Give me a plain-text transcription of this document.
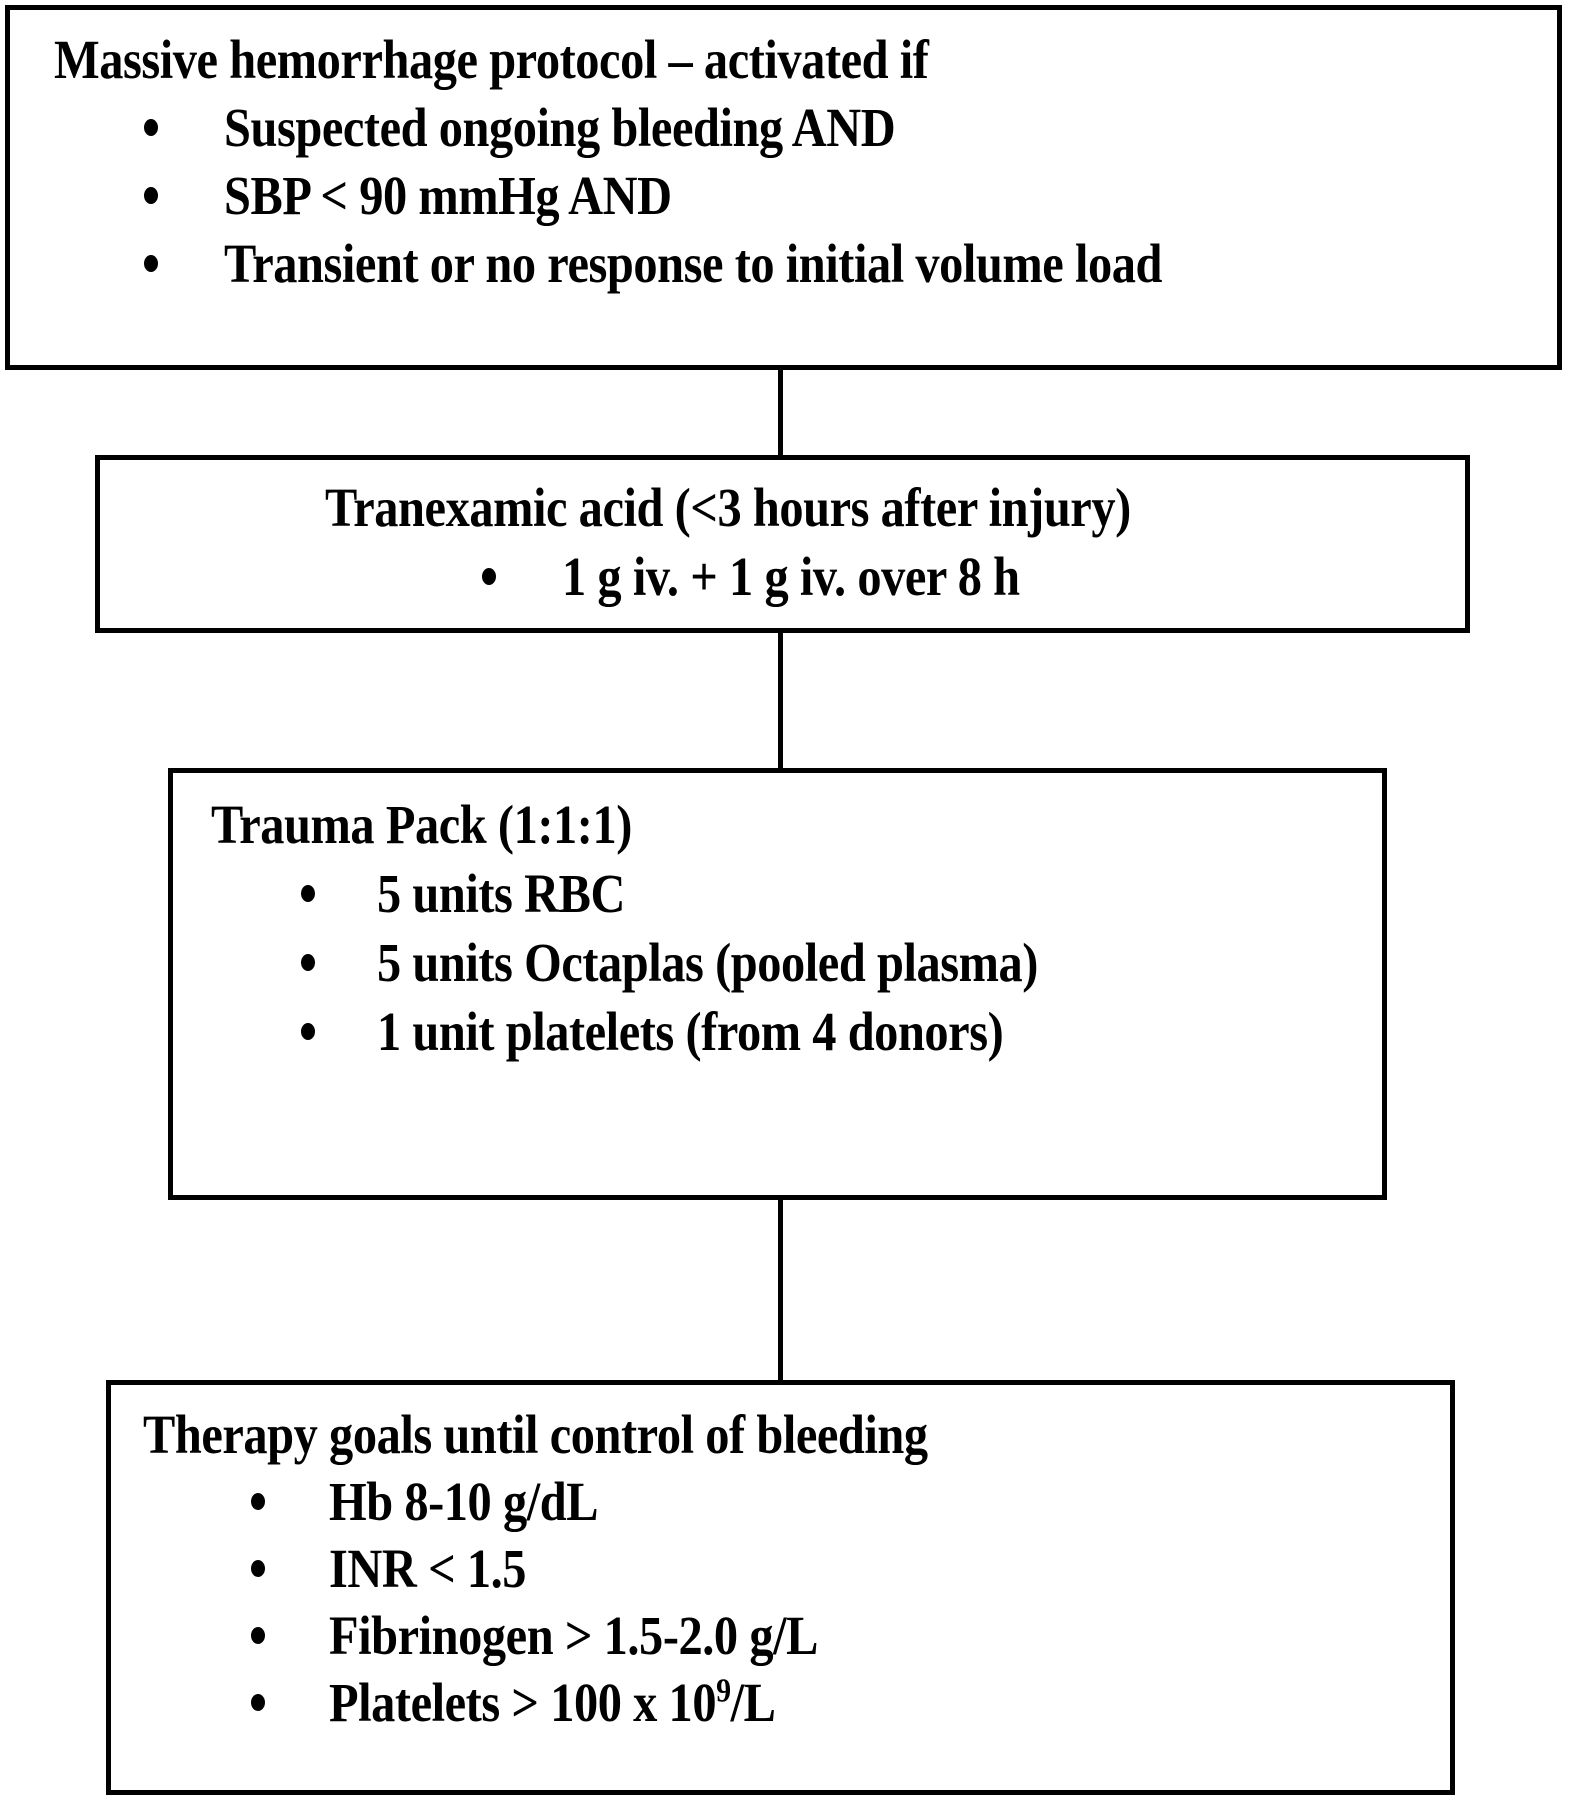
Massive hemorrhage protocol – activated if
Suspected ongoing bleeding AND
SBP < 90 mmHg AND
Transient or no response to initial volume load
Tranexamic acid (<3 hours after injury)
1 g iv. + 1 g iv. over 8 h
Trauma Pack (1:1:1)
5 units RBC
5 units Octaplas (pooled plasma)
1 unit platelets (from 4 donors)
Therapy goals until control of bleeding
Hb 8-10 g/dL
INR < 1.5
Fibrinogen > 1.5-2.0 g/L
Platelets > 100 x $10^9/L$
